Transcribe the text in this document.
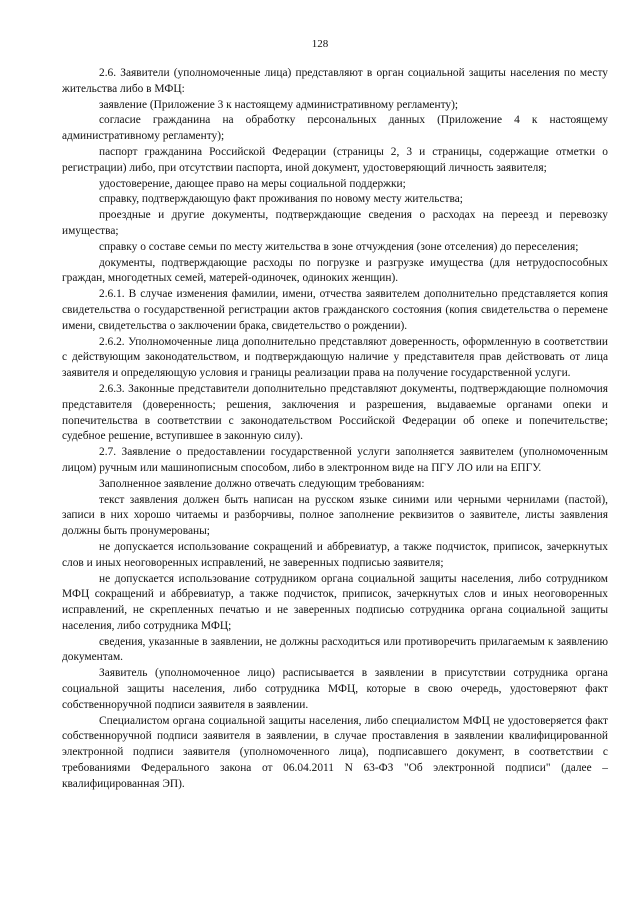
128

2.6. Заявители (уполномоченные лица) представляют в орган социальной защиты населения по месту жительства либо в МФЦ:

заявление (Приложение 3 к настоящему административному регламенту);

согласие гражданина на обработку персональных данных (Приложение 4 к настоящему административному регламенту);

паспорт гражданина Российской Федерации (страницы 2, 3 и страницы, содержащие отметки о регистрации) либо, при отсутствии паспорта, иной документ, удостоверяющий личность заявителя;

удостоверение, дающее право на меры социальной поддержки;

справку, подтверждающую факт проживания по новому месту жительства;

проездные и другие документы, подтверждающие сведения о расходах на переезд и перевозку имущества;

справку о составе семьи по месту жительства в зоне отчуждения (зоне отселения) до переселения;

документы, подтверждающие расходы по погрузке и разгрузке имущества (для нетрудоспособных граждан, многодетных семей, матерей-одиночек, одиноких женщин).

2.6.1. В случае изменения фамилии, имени, отчества заявителем дополнительно представляется копия свидетельства о государственной регистрации актов гражданского состояния (копия свидетельства о перемене имени, свидетельства о заключении брака, свидетельство о рождении).

2.6.2. Уполномоченные лица дополнительно представляют доверенность, оформленную в соответствии с действующим законодательством, и подтверждающую наличие у представителя прав действовать от лица заявителя и определяющую условия и границы реализации права на получение государственной услуги.

2.6.3. Законные представители дополнительно представляют документы, подтверждающие полномочия представителя (доверенность; решения, заключения и разрешения, выдаваемые органами опеки и попечительства в соответствии с законодательством Российской Федерации об опеке и попечительстве; судебное решение, вступившее в законную силу).

2.7. Заявление о предоставлении государственной услуги заполняется заявителем (уполномоченным лицом) ручным или машинописным способом, либо в электронном виде на ПГУ ЛО или на ЕПГУ.

Заполненное заявление должно отвечать следующим требованиям:

текст заявления должен быть написан на русском языке синими или черными чернилами (пастой), записи в них хорошо читаемы и разборчивы, полное заполнение реквизитов о заявителе, листы заявления должны быть пронумерованы;

не допускается использование сокращений и аббревиатур, а также подчисток, приписок, зачеркнутых слов и иных неоговоренных исправлений, не заверенных подписью заявителя;

не допускается использование сотрудником органа социальной защиты населения, либо сотрудником МФЦ сокращений и аббревиатур, а также подчисток, приписок, зачеркнутых слов и иных неоговоренных исправлений, не скрепленных печатью и не заверенных подписью сотрудника органа социальной защиты населения, либо сотрудника МФЦ;

сведения, указанные в заявлении, не должны расходиться или противоречить прилагаемым к заявлению документам.

Заявитель (уполномоченное лицо) расписывается в заявлении в присутствии сотрудника органа социальной защиты населения, либо сотрудника МФЦ, которые в свою очередь, удостоверяют факт собственноручной подписи заявителя в заявлении.

Специалистом органа социальной защиты населения, либо специалистом МФЦ не удостоверяется факт собственноручной подписи заявителя в заявлении, в случае проставления в заявлении квалифицированной электронной подписи заявителя (уполномоченного лица), подписавшего документ, в соответствии с требованиями Федерального закона от 06.04.2011 N 63-ФЗ "Об электронной подписи" (далее – квалифицированная ЭП).
